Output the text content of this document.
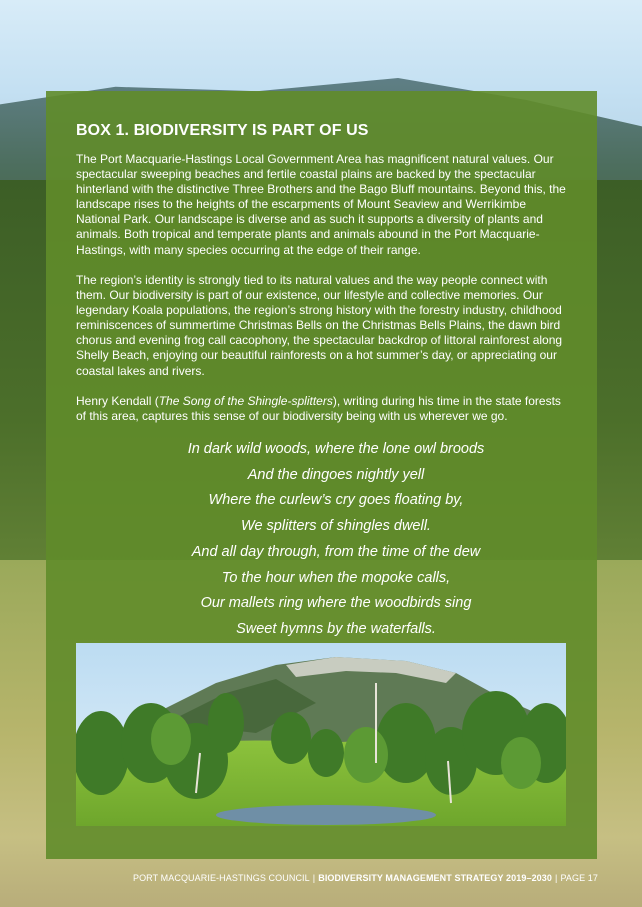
BOX 1. BIODIVERSITY IS PART OF US

The Port Macquarie-Hastings Local Government Area has magnificent natural values. Our spectacular sweeping beaches and fertile coastal plains are backed by the spectacular hinterland with the distinctive Three Brothers and the Bago Bluff mountains. Beyond this, the landscape rises to the heights of the escarpments of Mount Seaview and Werrikimbe National Park. Our landscape is diverse and as such it supports a diversity of plants and animals. Both tropical and temperate plants and animals abound in the Port Macquarie-Hastings, with many species occurring at the edge of their range.

The region’s identity is strongly tied to its natural values and the way people connect with them. Our biodiversity is part of our existence, our lifestyle and collective memories. Our legendary Koala populations, the region’s strong history with the forestry industry, childhood reminiscences of summertime Christmas Bells on the Christmas Bells Plains, the dawn bird chorus and evening frog call cacophony, the spectacular backdrop of littoral rainforest along Shelly Beach, enjoying our beautiful rainforests on a hot summer’s day, or appreciating our coastal lakes and rivers.

Henry Kendall (The Song of the Shingle-splitters), writing during his time in the state forests of this area, captures this sense of our biodiversity being with us wherever we go.

In dark wild woods, where the lone owl broods
And the dingoes nightly yell
Where the curlew’s cry goes floating by,
We splitters of shingles dwell.
And all day through, from the time of the dew
To the hour when the mopoke calls,
Our mallets ring where the woodbirds sing
Sweet hymns by the waterfalls.
PORT MACQUARIE-HASTINGS COUNCIL | BIODIVERSITY MANAGEMENT STRATEGY 2019–2030 | PAGE 17
